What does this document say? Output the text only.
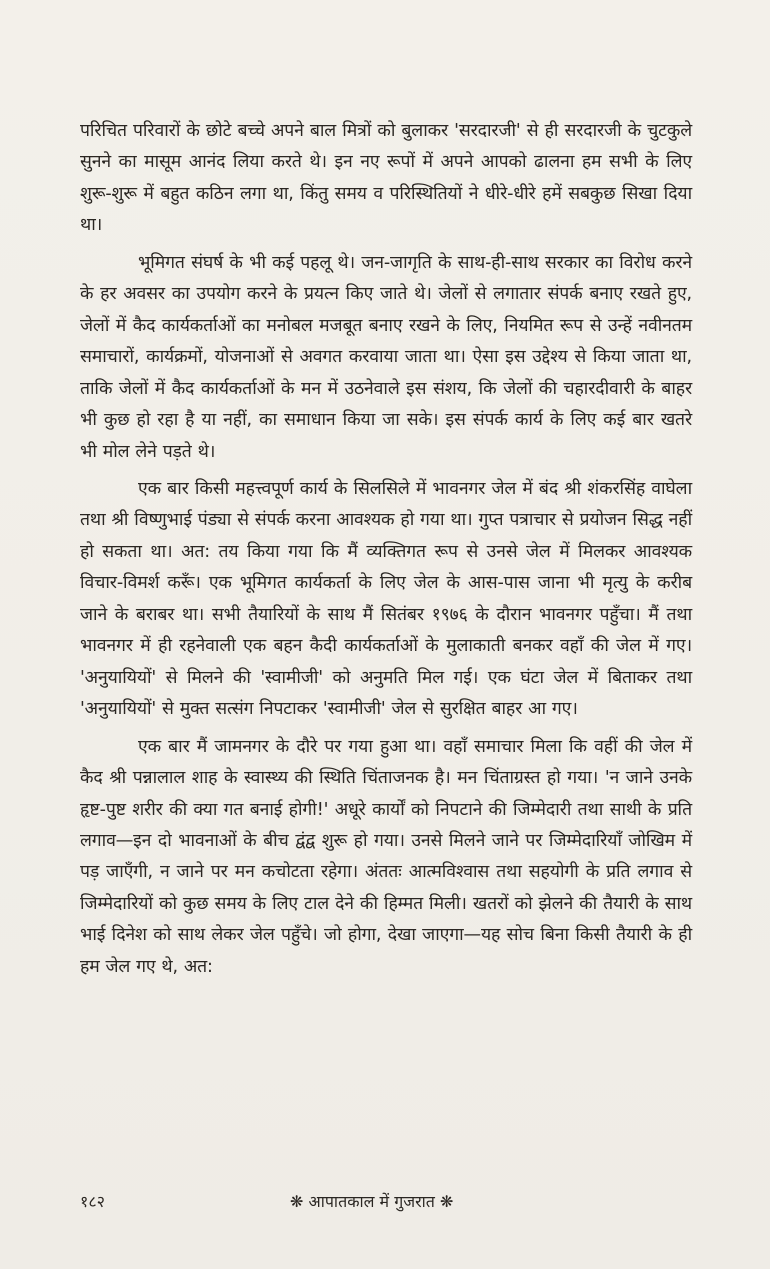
परिचित परिवारों के छोटे बच्चे अपने बाल मित्रों को बुलाकर 'सरदारजी' से ही सरदारजी के चुटकुले सुनने का मासूम आनंद लिया करते थे। इन नए रूपों में अपने आपको ढालना हम सभी के लिए शुरू-शुरू में बहुत कठिन लगा था, किंतु समय व परिस्थितियों ने धीरे-धीरे हमें सबकुछ सिखा दिया था।

भूमिगत संघर्ष के भी कई पहलू थे। जन-जागृति के साथ-ही-साथ सरकार का विरोध करने के हर अवसर का उपयोग करने के प्रयत्न किए जाते थे। जेलों से लगातार संपर्क बनाए रखते हुए, जेलों में कैद कार्यकर्ताओं का मनोबल मजबूत बनाए रखने के लिए, नियमित रूप से उन्हें नवीनतम समाचारों, कार्यक्रमों, योजनाओं से अवगत करवाया जाता था। ऐसा इस उद्देश्य से किया जाता था, ताकि जेलों में कैद कार्यकर्ताओं के मन में उठनेवाले इस संशय, कि जेलों की चहारदीवारी के बाहर भी कुछ हो रहा है या नहीं, का समाधान किया जा सके। इस संपर्क कार्य के लिए कई बार खतरे भी मोल लेने पड़ते थे।

एक बार किसी महत्त्वपूर्ण कार्य के सिलसिले में भावनगर जेल में बंद श्री शंकरसिंह वाघेला तथा श्री विष्णुभाई पंड्या से संपर्क करना आवश्यक हो गया था। गुप्त पत्राचार से प्रयोजन सिद्ध नहीं हो सकता था। अत: तय किया गया कि मैं व्यक्तिगत रूप से उनसे जेल में मिलकर आवश्यक विचार-विमर्श करूँ। एक भूमिगत कार्यकर्ता के लिए जेल के आस-पास जाना भी मृत्यु के करीब जाने के बराबर था। सभी तैयारियों के साथ मैं सितंबर १९७६ के दौरान भावनगर पहुँचा। मैं तथा भावनगर में ही रहनेवाली एक बहन कैदी कार्यकर्ताओं के मुलाकाती बनकर वहाँ की जेल में गए। 'अनुयायियों' से मिलने की 'स्वामीजी' को अनुमति मिल गई। एक घंटा जेल में बिताकर तथा 'अनुयायियों' से मुक्त सत्संग निपटाकर 'स्वामीजी' जेल से सुरक्षित बाहर आ गए।

एक बार मैं जामनगर के दौरे पर गया हुआ था। वहाँ समाचार मिला कि वहीं की जेल में कैद श्री पन्नालाल शाह के स्वास्थ्य की स्थिति चिंताजनक है। मन चिंताग्रस्त हो गया। 'न जाने उनके हृष्ट-पुष्ट शरीर की क्या गत बनाई होगी!' अधूरे कार्यों को निपटाने की जिम्मेदारी तथा साथी के प्रति लगाव—इन दो भावनाओं के बीच द्वंद्व शुरू हो गया। उनसे मिलने जाने पर जिम्मेदारियाँ जोखिम में पड़ जाएँगी, न जाने पर मन कचोटता रहेगा। अंततः आत्मविश्वास तथा सहयोगी के प्रति लगाव से जिम्मेदारियों को कुछ समय के लिए टाल देने की हिम्मत मिली। खतरों को झेलने की तैयारी के साथ भाई दिनेश को साथ लेकर जेल पहुँचे। जो होगा, देखा जाएगा—यह सोच बिना किसी तैयारी के ही हम जेल गए थे, अत:

१८२	❋ आपातकाल में गुजरात ❋
